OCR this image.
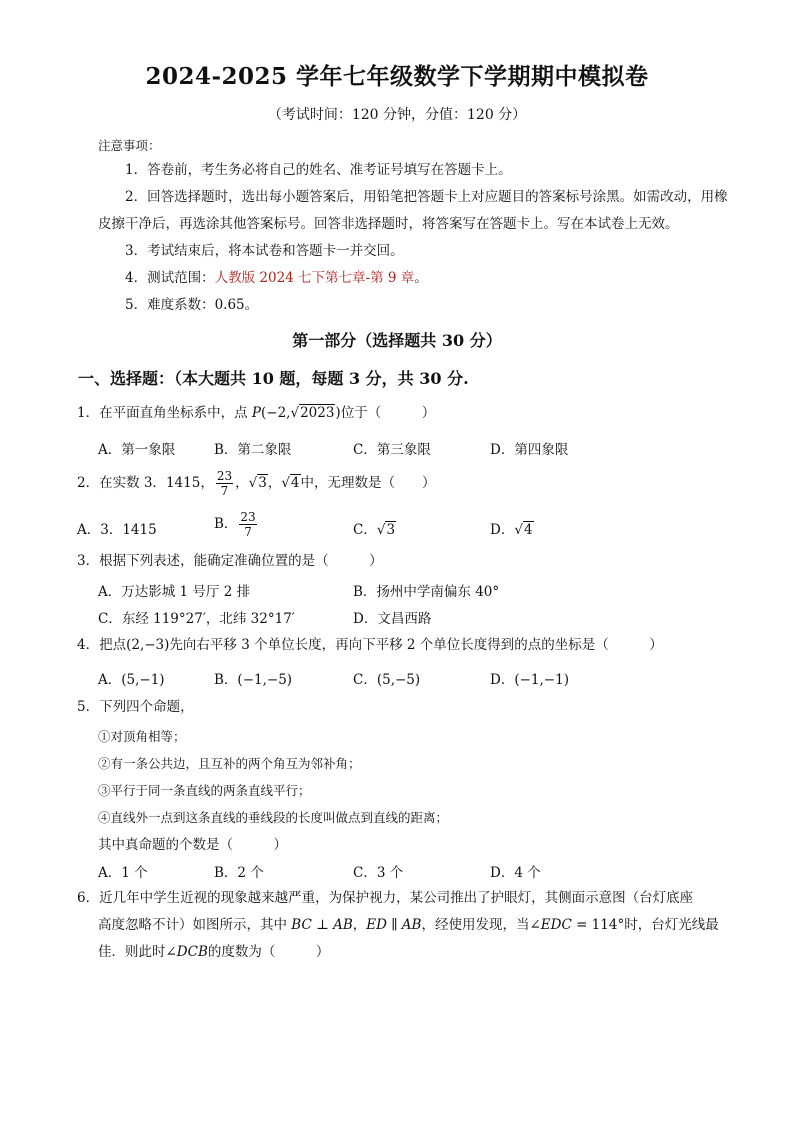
2024-2025 学年七年级数学下学期期中模拟卷
（考试时间：120 分钟，分值：120 分）
注意事项：
1．答卷前，考生务必将自己的姓名、准考证号填写在答题卡上。
2．回答选择题时，选出每小题答案后，用铅笔把答题卡上对应题目的答案标号涂黑。如需改动，用橡皮擦干净后，再选涂其他答案标号。回答非选择题时，将答案写在答题卡上。写在本试卷上无效。
3．考试结束后，将本试卷和答题卡一并交回。
4．测试范围：人教版 2024 七下第七章-第 9 章。
5．难度系数：0.65。
第一部分（选择题共 30 分）
一、选择题：（本大题共 10 题，每题 3 分，共 30 分.
1．在平面直角坐标系中，点 P(−2,√2023)位于（　　　）
A．第一象限	B．第二象限	C．第三象限	D．第四象限
2．在实数 3．1415， $\frac{23}{7}$ ，√3，√4中，无理数是（　　）
A．3．1415	B． $\frac{23}{7}$	C．√3	D．√4
3．根据下列表述，能确定准确位置的是（　　　）
A．万达影城 1 号厅 2 排	B．扬州中学南偏东 40°
C．东经 119°27′，北纬 32°17′	D．文昌西路
4．把点(2,−3)先向右平移 3 个单位长度，再向下平移 2 个单位长度得到的点的坐标是（　　　）
A．(5,−1)	B．(−1,−5)	C．(5,−5)	D．(−1,−1)
5．下列四个命题，
①对顶角相等；
②有一条公共边，且互补的两个角互为邻补角；
③平行于同一条直线的两条直线平行；
④直线外一点到这条直线的垂线段的长度叫做点到直线的距离；
其中真命题的个数是（　　　）
A．1 个	B．2 个	C．3 个	D．4 个
6．近几年中学生近视的现象越来越严重，为保护视力，某公司推出了护眼灯，其侧面示意图（台灯底座
高度忽略不计）如图所示，其中 BC ⊥ AB，ED ∥ AB，经使用发现，当∠EDC = 114°时，台灯光线最
佳．则此时∠DCB的度数为（　　　）
